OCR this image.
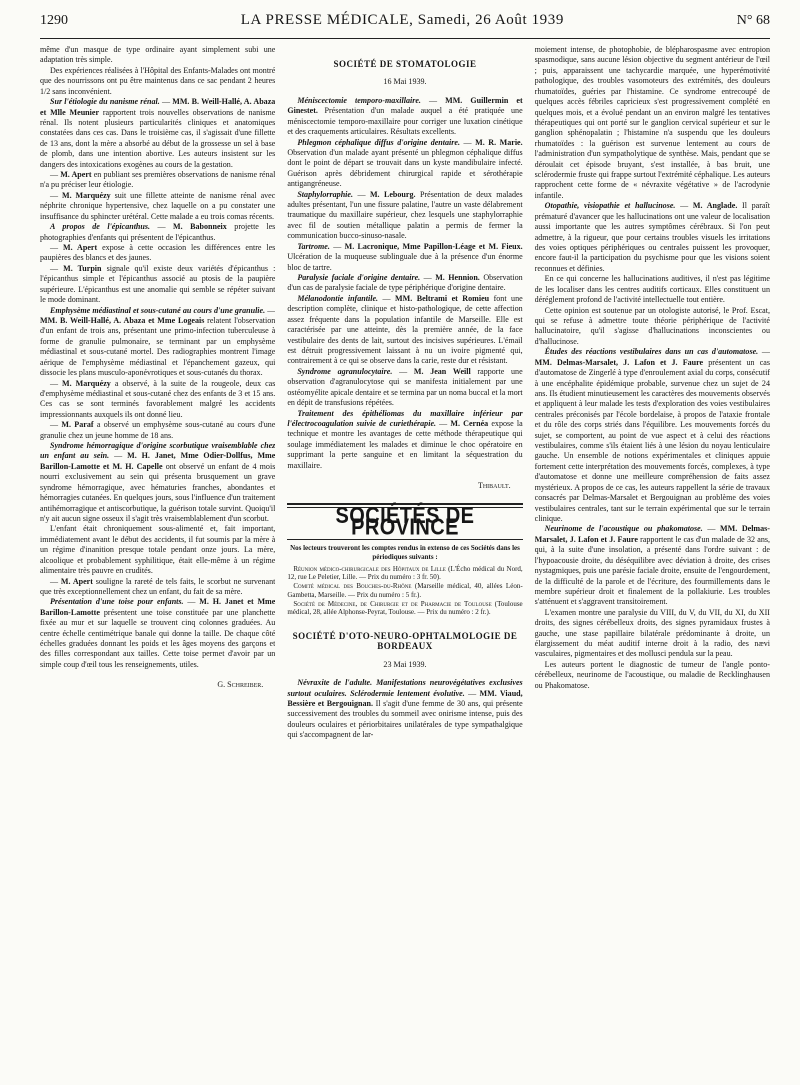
1290	LA PRESSE MÉDICALE, Samedi, 26 Août 1939	N° 68

même d'un masque de type ordinaire ayant simplement subi une adaptation très simple.

Des expériences réalisées à l'Hôpital des Enfants-Malades ont montré que des nourrissons ont pu être maintenus dans ce sac pendant 2 heures 1/2 sans inconvénient.

Sur l'étiologie du nanisme rénal. — MM. B. Weill-Hallé, A. Abaza et Mlle Meunier rapportent trois nouvelles observations de nanisme rénal. Ils notent plusieurs particularités cliniques et anatomiques constatées dans ces cas. Dans le troisième cas, il s'agissait d'une fillette de 13 ans, dont la mère a absorbé au début de la grossesse un sel à base de plomb, dans une intention abortive. Les auteurs insistent sur les dangers des intoxications exogènes au cours de la gestation.

— M. Apert en publiant ses premières observations de nanisme rénal n'a pu préciser leur étiologie.

— M. Marquézy suit une fillette atteinte de nanisme rénal avec néphrite chronique hypertensive, chez laquelle on a pu constater une insuffisance du sphincter urétéral. Cette malade a eu trois comas récents.

A propos de l'épicanthus. — M. Babonneix projette les photographies d'enfants qui présentent de l'épicanthus.

— M. Apert expose à cette occasion les différences entre les paupières des blancs et des jaunes.

— M. Turpin signale qu'il existe deux variétés d'épicanthus : l'épicanthus simple et l'épicanthus associé au ptosis de la paupière supérieure. L'épicanthus est une anomalie qui semble se répéter suivant le mode dominant.

Emphysème médiastinal et sous-cutané au cours d'une granulie. — MM. B. Weill-Hallé, A. Abaza et Mme Logeais relatent l'observation d'un enfant de trois ans, présentant une primo-infection tuberculeuse à forme de granulie pulmonaire, se terminant par un emphysème médiastinal et sous-cutané mortel. Des radiographies montrent l'image aérique de l'emphysème médiastinal et l'épanchement gazeux, qui dissocie les plans musculo-aponévrotiques et sous-cutanés du thorax.

— M. Marquézy a observé, à la suite de la rougeole, deux cas d'emphysème médiastinal et sous-cutané chez des enfants de 3 et 15 ans. Ces cas se sont terminés favorablement malgré les accidents impressionnants auxquels ils ont donné lieu.

— M. Paraf a observé un emphysème sous-cutané au cours d'une granulie chez un jeune homme de 18 ans.

Syndrome hémorragique d'origine scorbutique vraisemblable chez un enfant au sein. — M. H. Janet, Mme Odier-Dollfus, Mme Barillon-Lamotte et M. H. Capelle ont observé un enfant de 4 mois nourri exclusivement au sein qui présenta brusquement un grave syndrome hémorragique, avec hématuries franches, abondantes et hémorragies cutanées. En quelques jours, sous l'influence d'un traitement antihémorragique et antiscorbutique, la guérison totale survint. Quoiqu'il n'y ait aucun signe osseux il s'agit très vraisemblablement d'un scorbut.

L'enfant était chroniquement sous-alimenté et, fait important, immédiatement avant le début des accidents, il fut soumis par la mère à un régime d'inanition presque totale pendant onze jours. La mère, alcoolique et probablement syphilitique, était elle-même à un régime alimentaire très pauvre en crudités.

— M. Apert souligne la rareté de tels faits, le scorbut ne survenant que très exceptionnellement chez un enfant, du fait de sa mère.

Présentation d'une toise pour enfants. — M. H. Janet et Mme Barillon-Lamotte présentent une toise constituée par une planchette fixée au mur et sur laquelle se trouvent cinq colonnes graduées. Au centre échelle centimétrique banale qui donne la taille. De chaque côté échelles graduées donnant les poids et les âges moyens des garçons et des filles correspondant aux tailles. Cette toise permet d'avoir par un simple coup d'œil tous les renseignements, utiles.

G. Schreiber.
SOCIÉTÉ DE STOMATOLOGIE
16 Mai 1939.

Méniscectomie temporo-maxillaire. — MM. Guillermin et Ginestet. Présentation d'un malade auquel a été pratiquée une méniscectomie temporo-maxillaire pour corriger une luxation cinétique et des craquements articulaires. Résultats excellents.

Phlegmon céphalique diffus d'origine dentaire. — M. R. Marie. Observation d'un malade ayant présenté un phlegmon céphalique diffus dont le point de départ se trouvait dans un kyste mandibulaire infecté. Guérison après débridement chirurgical rapide et sérothérapie antigangréneuse.

Staphylorraphie. — M. Lebourg. Présentation de deux malades adultes présentant, l'un une fissure palatine, l'autre un vaste délabrement traumatique du maxillaire supérieur, chez lesquels une staphylorraphie avec fil de soutien métallique palatin a permis de fermer la communication bucco-sinuso-nasale.

Tartrome. — M. Lacronique, Mme Papillon-Léage et M. Fieux. Ulcération de la muqueuse sublinguale due à la présence d'un énorme bloc de tartre.

Paralysie faciale d'origine dentaire. — M. Hennion. Observation d'un cas de paralysie faciale de type périphérique d'origine dentaire.

Mélanodontie infantile. — MM. Beltrami et Romieu font une description complète, clinique et histo-pathologique, de cette affection assez fréquente dans la population infantile de Marseille. Elle est caractérisée par une atteinte, dès la première année, de la face vestibulaire des dents de lait, surtout des incisives supérieures. L'émail est détruit progressivement laissant à nu un ivoire pigmenté qui, contrairement à ce qui se observe dans la carie, reste dur et résistant.

Syndrome agranulocytaire. — M. Jean Weill rapporte une observation d'agranulocytose qui se manifesta initialement par une ostéomyélite apicale dentaire et se termina par un noma buccal et la mort en dépit de transfusions répétées.

Traitement des épithéliomas du maxillaire inférieur par l'électrocoagulation suivie de curiethérapie. — M. Cernéa expose la technique et montre les avantages de cette méthode thérapeutique qui soulage immédiatement les malades et diminue le choc opératoire en supprimant la perte sanguine et en limitant la séquestration du maxillaire.

Thibault.
SOCIÉTÉS DE PROVINCE
Nos lecteurs trouveront les comptes rendus in extenso de ces Sociétés dans les périodiques suivants :

Réunion médico-chirurgicale des Hôpitaux de Lille (L'Écho médical du Nord, 12, rue Le Peletier, Lille. — Prix du numéro : 3 fr. 50).

Comité médical des Bouches-du-Rhône (Marseille médical, 40, allées Léon-Gambetta, Marseille. — Prix du numéro : 5 fr.).

Société de Médecine, de Chirurgie et de Pharmacie de Toulouse (Toulouse médical, 28, allée Alphonse-Peyrat, Toulouse. — Prix du numéro : 2 fr.).

SOCIÉTÉ D'OTO-NEURO-OPHTALMOLOGIE DE BORDEAUX
23 Mai 1939.

Névraxite de l'adulte. Manifestations neurovégétatives exclusives surtout oculaires. Sclérodermie lentement évolutive. — MM. Viaud, Bessière et Bergouignan. Il s'agit d'une femme de 30 ans, qui présente successivement des troubles du sommeil avec onirisme intense, puis des douleurs oculaires et périorbitaires unilatérales de type sympathalgique qui s'accompagnent de lar-

moiement intense, de photophobie, de blépharospasme avec entropion spasmodique, sans aucune lésion objective du segment antérieur de l'œil ; puis, apparaissent une tachycardie marquée, une hyperémotivité pathologique, des troubles vasomoteurs des extrémités, des douleurs rhumatoïdes, guéries par l'histamine. Ce syndrome entrecoupé de quelques accès fébriles capricieux s'est progressivement complété en quelques mois, et a évolué pendant un an environ malgré les tentatives thérapeutiques qui ont porté sur le ganglion cervical supérieur et sur le ganglion sphénopalatin ; l'histamine n'a suspendu que les douleurs rhumatoïdes : la guérison est survenue lentement au cours de l'administration d'un sympatholytique de synthèse. Mais, pendant que se déroulait cet épisode bruyant, s'est installée, à bas bruit, une sclérodermie fruste qui frappe surtout l'extrémité céphalique. Les auteurs rapprochent cette forme de « névraxite végétative » de l'acrodynie infantile.

Otopathie, visiopathie et hallucinose. — M. Anglade. Il paraît prématuré d'avancer que les hallucinations ont une valeur de localisation aussi importante que les autres symptômes cérébraux. Si l'on peut admettre, à la rigueur, que pour certains troubles visuels les irritations des voies optiques périphériques ou centrales puissent les provoquer, encore faut-il la participation du psychisme pour que les visions soient reconnues et définies.

En ce qui concerne les hallucinations auditives, il n'est pas légitime de les localiser dans les centres auditifs corticaux. Elles constituent un déréglement profond de l'activité intellectuelle tout entière.

Cette opinion est soutenue par un otologiste autorisé, le Prof. Escat, qui se refuse à admettre toute théorie périphérique de l'activité hallucinatoire, qu'il s'agisse d'hallucinations inconscientes ou d'hallucinose.

Études des réactions vestibulaires dans un cas d'automatose. — MM. Delmas-Marsalet, J. Lafon et J. Faure présentent un cas d'automatose de Zingerlé à type d'enroulement axial du corps, consécutif à une encéphalite épidémique probable, survenue chez un sujet de 24 ans. Ils étudient minutieusement les caractères des mouvements observés et appliquent à leur malade les tests d'exploration des voies vestibulaires centrales préconisés par l'école bordelaise, à propos de l'ataxie frontale et du rôle des corps striés dans l'équilibre. Les mouvements forcés du sujet, se comportent, au point de vue aspect et à celui des réactions vestibulaires, comme s'ils étaient liés à une lésion du noyau lenticulaire gauche. Un ensemble de notions expérimentales et cliniques appuie fortement cette interprétation des mouvements forcés, complexes, à type d'automatose et donne une meilleure compréhension de faits assez mystérieux. A propos de ce cas, les auteurs rappellent la série de travaux consacrés par Delmas-Marsalet et Bergouignan au problème des voies vestibulaires centrales, tant sur le terrain expérimental que sur le terrain clinique.

Neurinome de l'acoustique ou phakomatose. — MM. Delmas-Marsalet, J. Lafon et J. Faure rapportent le cas d'un malade de 32 ans, qui, à la suite d'une insolation, a présenté dans l'ordre suivant : de l'hypoacousie droite, du déséquilibre avec déviation à droite, des crises nystagmiques, puis une parésie faciale droite, ensuite de l'engourdement, de la difficulté de la parole et de l'écriture, des fourmillements dans le membre supérieur droit et finalement de la pollakiurie. Les troubles s'atténuent et s'aggravent transitoirement.

L'examen montre une paralysie du VIII, du V, du VII, du XI, du XII droits, des signes cérébelleux droits, des signes pyramidaux frustes à gauche, une stase papillaire bilatérale prédominante à droite, un élargissement du méat auditif interne droit à la radio, des nævi vasculaires, pigmentaires et des mollusci pendula sur la peau.

Les auteurs portent le diagnostic de tumeur de l'angle ponto-cérébelleux, neurinome de l'acoustique, ou maladie de Recklinghausen ou Phakomatose.
